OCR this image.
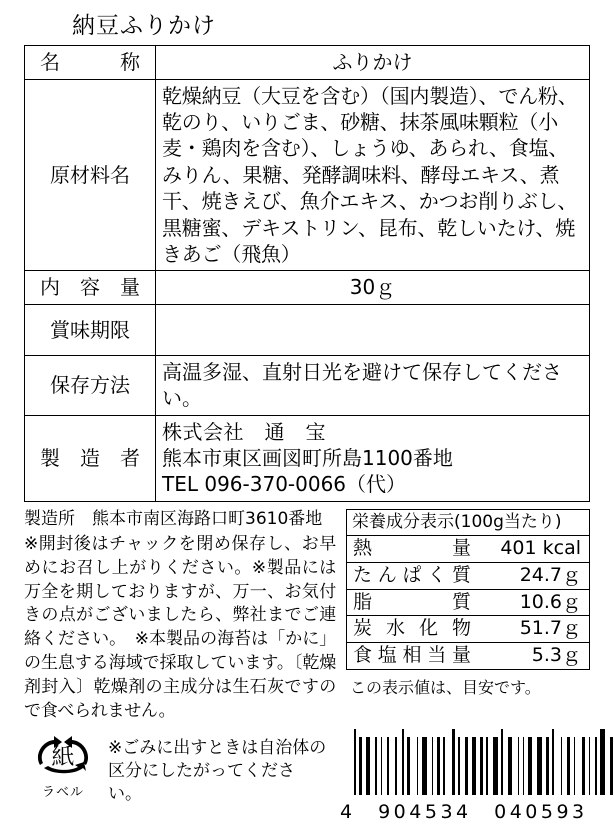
納豆ふりかけ
名称	ふりかけ
原材料名	乾燥納豆（大豆を含む）（国内製造）、でん粉、乾のり、いりごま、砂糖、抹茶風味顆粒（小麦・鶏肉を含む）、しょうゆ、あられ、食塩、みりん、果糖、発酵調味料、酵母エキス、煮干、焼きえび、魚介エキス、かつお削りぶし、黒糖蜜、デキストリン、昆布、乾しいたけ、焼きあご（飛魚）
内容量	30ｇ
賞味期限	
保存方法	高温多湿、直射日光を避けて保存してください。
製 造 者	株式会社　通　宝
熊本市東区画図町所島1100番地
TEL 096-370-0066（代）
製造所　熊本市南区海路口町3610番地
※開封後はチャックを閉め保存し、お早めにお召し上がりください。※製品には万全を期しておりますが、万一、お気付きの点がございましたら、弊社までご連絡ください。　※本製品の海苔は「かに」の生息する海域で採取しています。〔乾燥剤封入〕乾燥剤の主成分は生石灰ですので食べられません。
栄養成分表示(100g当たり)
熱　　量 401 kcal

たんぱく質	24.7ｇ

脂　　質	10.6ｇ

炭水化物	51.7ｇ

食塩相当量	5.3ｇ
この表示値は、目安です。
紙
ラベル
※ごみに出すときは自治体の区分にしたがってください。
4　904534　040593
